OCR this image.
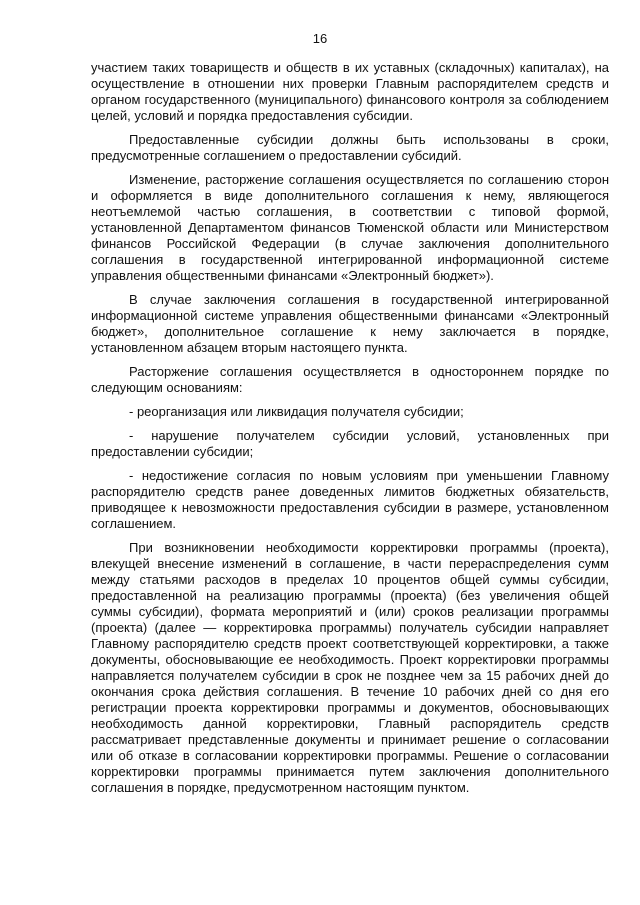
16

участием таких товариществ и обществ в их уставных (складочных) капиталах), на осуществление в отношении них проверки Главным распорядителем средств и органом государственного (муниципального) финансового контроля за соблюдением целей, условий и порядка предоставления субсидии.

Предоставленные субсидии должны быть использованы в сроки, предусмотренные соглашением о предоставлении субсидий.

Изменение, расторжение соглашения осуществляется по соглашению сторон и оформляется в виде дополнительного соглашения к нему, являющегося неотъемлемой частью соглашения, в соответствии с типовой формой, установленной Департаментом финансов Тюменской области или Министерством финансов Российской Федерации (в случае заключения дополнительного соглашения в государственной интегрированной информационной системе управления общественными финансами «Электронный бюджет»).

В случае заключения соглашения в государственной интегрированной информационной системе управления общественными финансами «Электронный бюджет», дополнительное соглашение к нему заключается в порядке, установленном абзацем вторым настоящего пункта.

Расторжение соглашения осуществляется в одностороннем порядке по следующим основаниям:

- реорганизация или ликвидация получателя субсидии;

- нарушение получателем субсидии условий, установленных при предоставлении субсидии;

- недостижение согласия по новым условиям при уменьшении Главному распорядителю средств ранее доведенных лимитов бюджетных обязательств, приводящее к невозможности предоставления субсидии в размере, установленном соглашением.

При возникновении необходимости корректировки программы (проекта), влекущей внесение изменений в соглашение, в части перераспределения сумм между статьями расходов в пределах 10 процентов общей суммы субсидии, предоставленной на реализацию программы (проекта) (без увеличения общей суммы субсидии), формата мероприятий и (или) сроков реализации программы (проекта) (далее — корректировка программы) получатель субсидии направляет Главному распорядителю средств проект соответствующей корректировки, а также документы, обосновывающие ее необходимость. Проект корректировки программы направляется получателем субсидии в срок не позднее чем за 15 рабочих дней до окончания срока действия соглашения. В течение 10 рабочих дней со дня его регистрации проекта корректировки программы и документов, обосновывающих необходимость данной корректировки, Главный распорядитель средств рассматривает представленные документы и принимает решение о согласовании или об отказе в согласовании корректировки программы. Решение о согласовании корректировки программы принимается путем заключения дополнительного соглашения в порядке, предусмотренном настоящим пунктом.
